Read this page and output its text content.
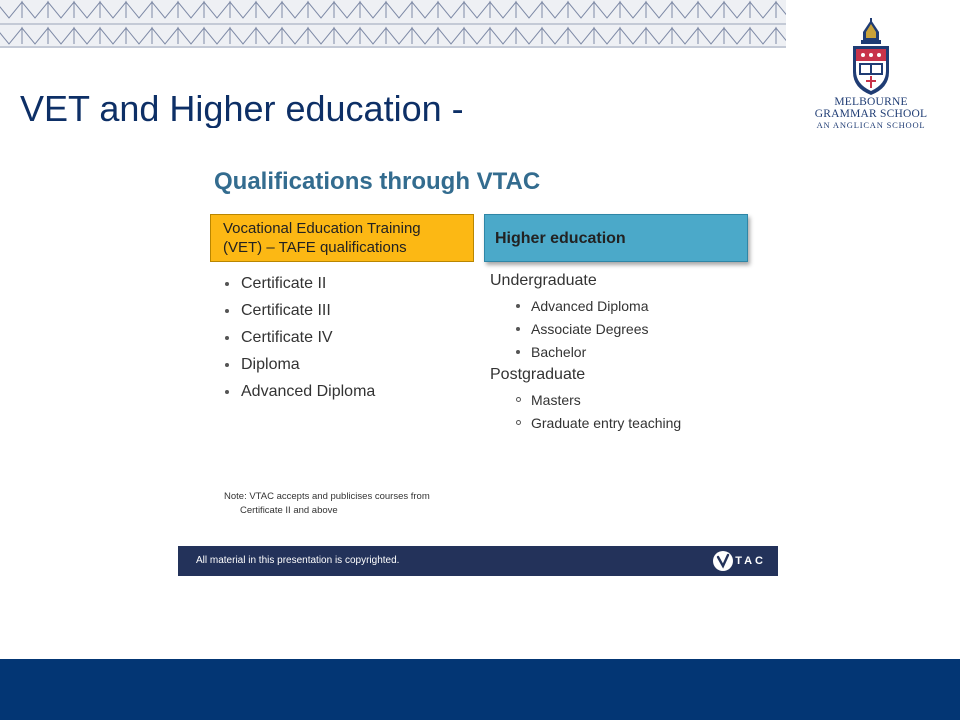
MELBOURNE
GRAMMAR SCHOOL
AN ANGLICAN SCHOOL
VET and Higher education -
Qualifications through VTAC
Vocational Education Training
(VET) – TAFE qualifications
Higher education
Certificate II
Certificate III
Certificate IV
Diploma
Advanced Diploma
Undergraduate
Advanced Diploma
Associate Degrees
Bachelor
Postgraduate
Masters
Graduate entry teaching
Note: VTAC accepts and publicises courses from
Certificate II and above
All material in this presentation is copyrighted.	TAC
